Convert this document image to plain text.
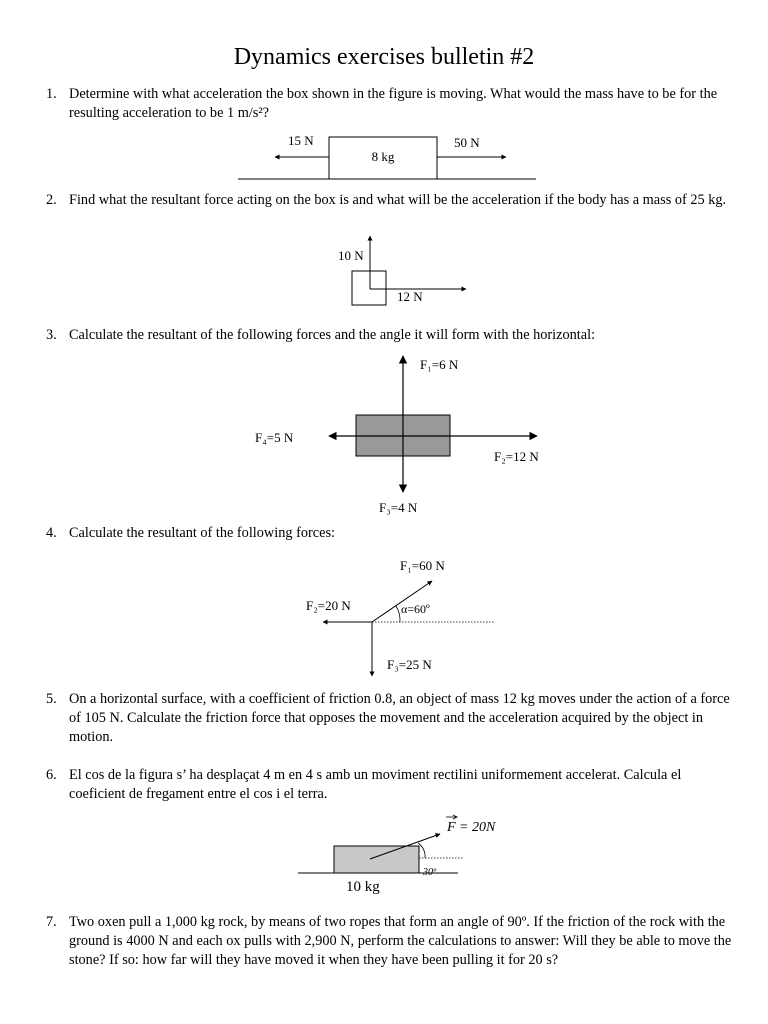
Dynamics exercises bulletin #2
1. Determine with what acceleration the box shown in the figure is moving. What would the mass have to be for the resulting acceleration to be 1 m/s²?
8 kg
15 N	50 N
10 N
12 N
F₁=6 N
F₂=12 N
F₃=4 N
F₄=5 N
F₁=60 N
F₂=20 N
F₃=25 N
α=60º
F = 20N
30º
10 kg
2. Find what the resultant force acting on the box is and what will be the acceleration if the body has a mass of 25 kg.
3. Calculate the resultant of the following forces and the angle it will form with the horizontal:
4. Calculate the resultant of the following forces:
5. On a horizontal surface, with a coefficient of friction 0.8, an object of mass 12 kg moves under the action of a force of 105 N. Calculate the friction force that opposes the movement and the acceleration acquired by the object in motion.
6. El cos de la figura s’ ha desplaçat 4 m en 4 s amb un moviment rectilini uniformement accelerat. Calcula el coeficient de fregament entre el cos i el terra.
7. Two oxen pull a 1,000 kg rock, by means of two ropes that form an angle of 90º. If the friction of the rock with the ground is 4000 N and each ox pulls with 2,900 N, perform the calculations to answer: Will they be able to move the stone? If so: how far will they have moved it when they have been pulling it for 20 s?
